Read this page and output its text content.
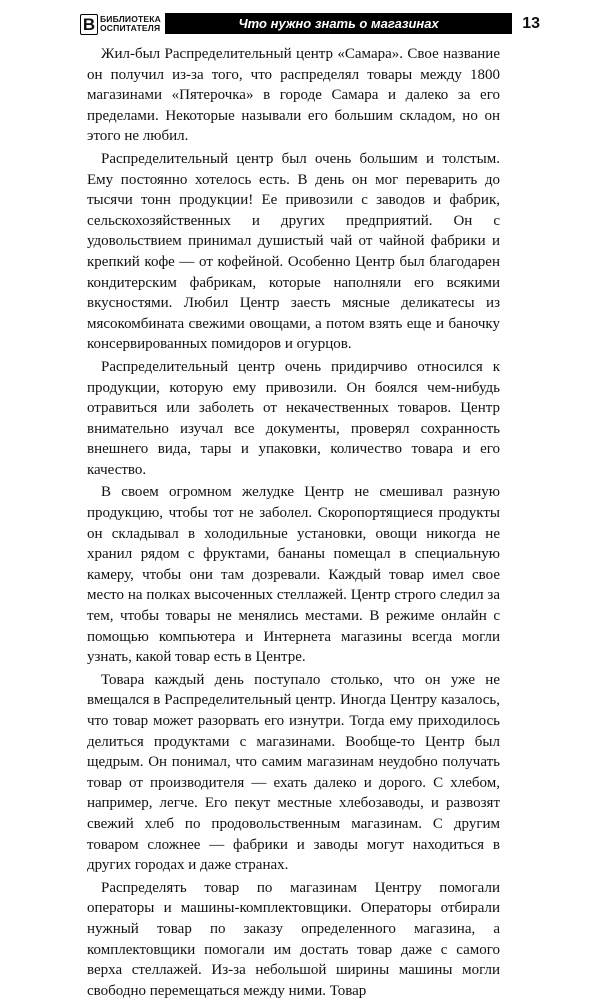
В БИБЛИОТЕКА
ОСПИТАТЕЛЯ	Что нужно знать о магазинах	13

Жил-был Распределительный центр «Самара». Свое название он получил из-за того, что распределял товары между 1800 магазинами «Пятерочка» в городе Самара и далеко за его пределами. Некоторые называли его большим складом, но он этого не любил.

Распределительный центр был очень большим и толстым. Ему постоянно хотелось есть. В день он мог переварить до тысячи тонн продукции! Ее привозили с заводов и фабрик, сельскохозяйственных и других предприятий. Он с удовольствием принимал душистый чай от чайной фабрики и крепкий кофе — от кофейной. Особенно Центр был благодарен кондитерским фабрикам, которые наполняли его всякими вкусностями. Любил Центр заесть мясные деликатесы из мясокомбината свежими овощами, а потом взять еще и баночку консервированных помидоров и огурцов.

Распределительный центр очень придирчиво относился к продукции, которую ему привозили. Он боялся чем-нибудь отравиться или заболеть от некачественных товаров. Центр внимательно изучал все документы, проверял сохранность внешнего вида, тары и упаковки, количество товара и его качество.

В своем огромном желудке Центр не смешивал разную продукцию, чтобы тот не заболел. Скоропортящиеся продукты он складывал в холодильные установки, овощи никогда не хранил рядом с фруктами, бананы помещал в специальную камеру, чтобы они там дозревали. Каждый товар имел свое место на полках высоченных стеллажей. Центр строго следил за тем, чтобы товары не менялись местами. В режиме онлайн с помощью компьютера и Интернета магазины всегда могли узнать, какой товар есть в Центре.

Товара каждый день поступало столько, что он уже не вмещался в Распределительный центр. Иногда Центру казалось, что товар может разорвать его изнутри. Тогда ему приходилось делиться продуктами с магазинами. Вообще-то Центр был щедрым. Он понимал, что самим магазинам неудобно получать товар от производителя — ехать далеко и дорого. С хлебом, например, легче. Его пекут местные хлебозаводы, и развозят свежий хлеб по продовольственным магазинам. С другим товаром сложнее — фабрики и заводы могут находиться в других городах и даже странах.

Распределять товар по магазинам Центру помогали операторы и машины-комплектовщики. Операторы отбирали нужный товар по заказу определенного магазина, а комплектовщики помогали им достать товар даже с самого верха стеллажей. Из-за небольшой ширины машины могли свободно перемещаться между ними. Товар
